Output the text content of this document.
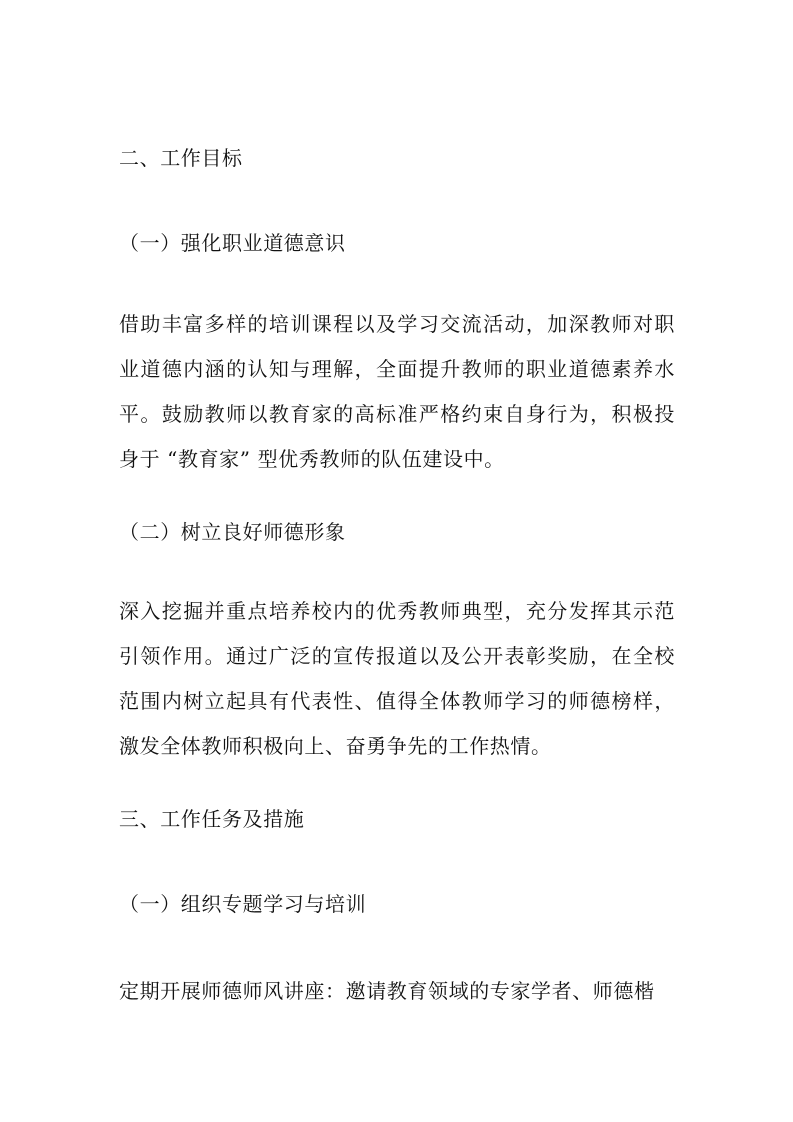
二、工作目标
（一）强化职业道德意识
借助丰富多样的培训课程以及学习交流活动，加深教师对职业道德内涵的认知与理解，全面提升教师的职业道德素养水平。鼓励教师以教育家的高标准严格约束自身行为，积极投身于 “教育家” 型优秀教师的队伍建设中。
（二）树立良好师德形象
深入挖掘并重点培养校内的优秀教师典型，充分发挥其示范引领作用。通过广泛的宣传报道以及公开表彰奖励，在全校范围内树立起具有代表性、值得全体教师学习的师德榜样，激发全体教师积极向上、奋勇争先的工作热情。
三、工作任务及措施
（一）组织专题学习与培训
定期开展师德师风讲座：邀请教育领域的专家学者、师德楷
